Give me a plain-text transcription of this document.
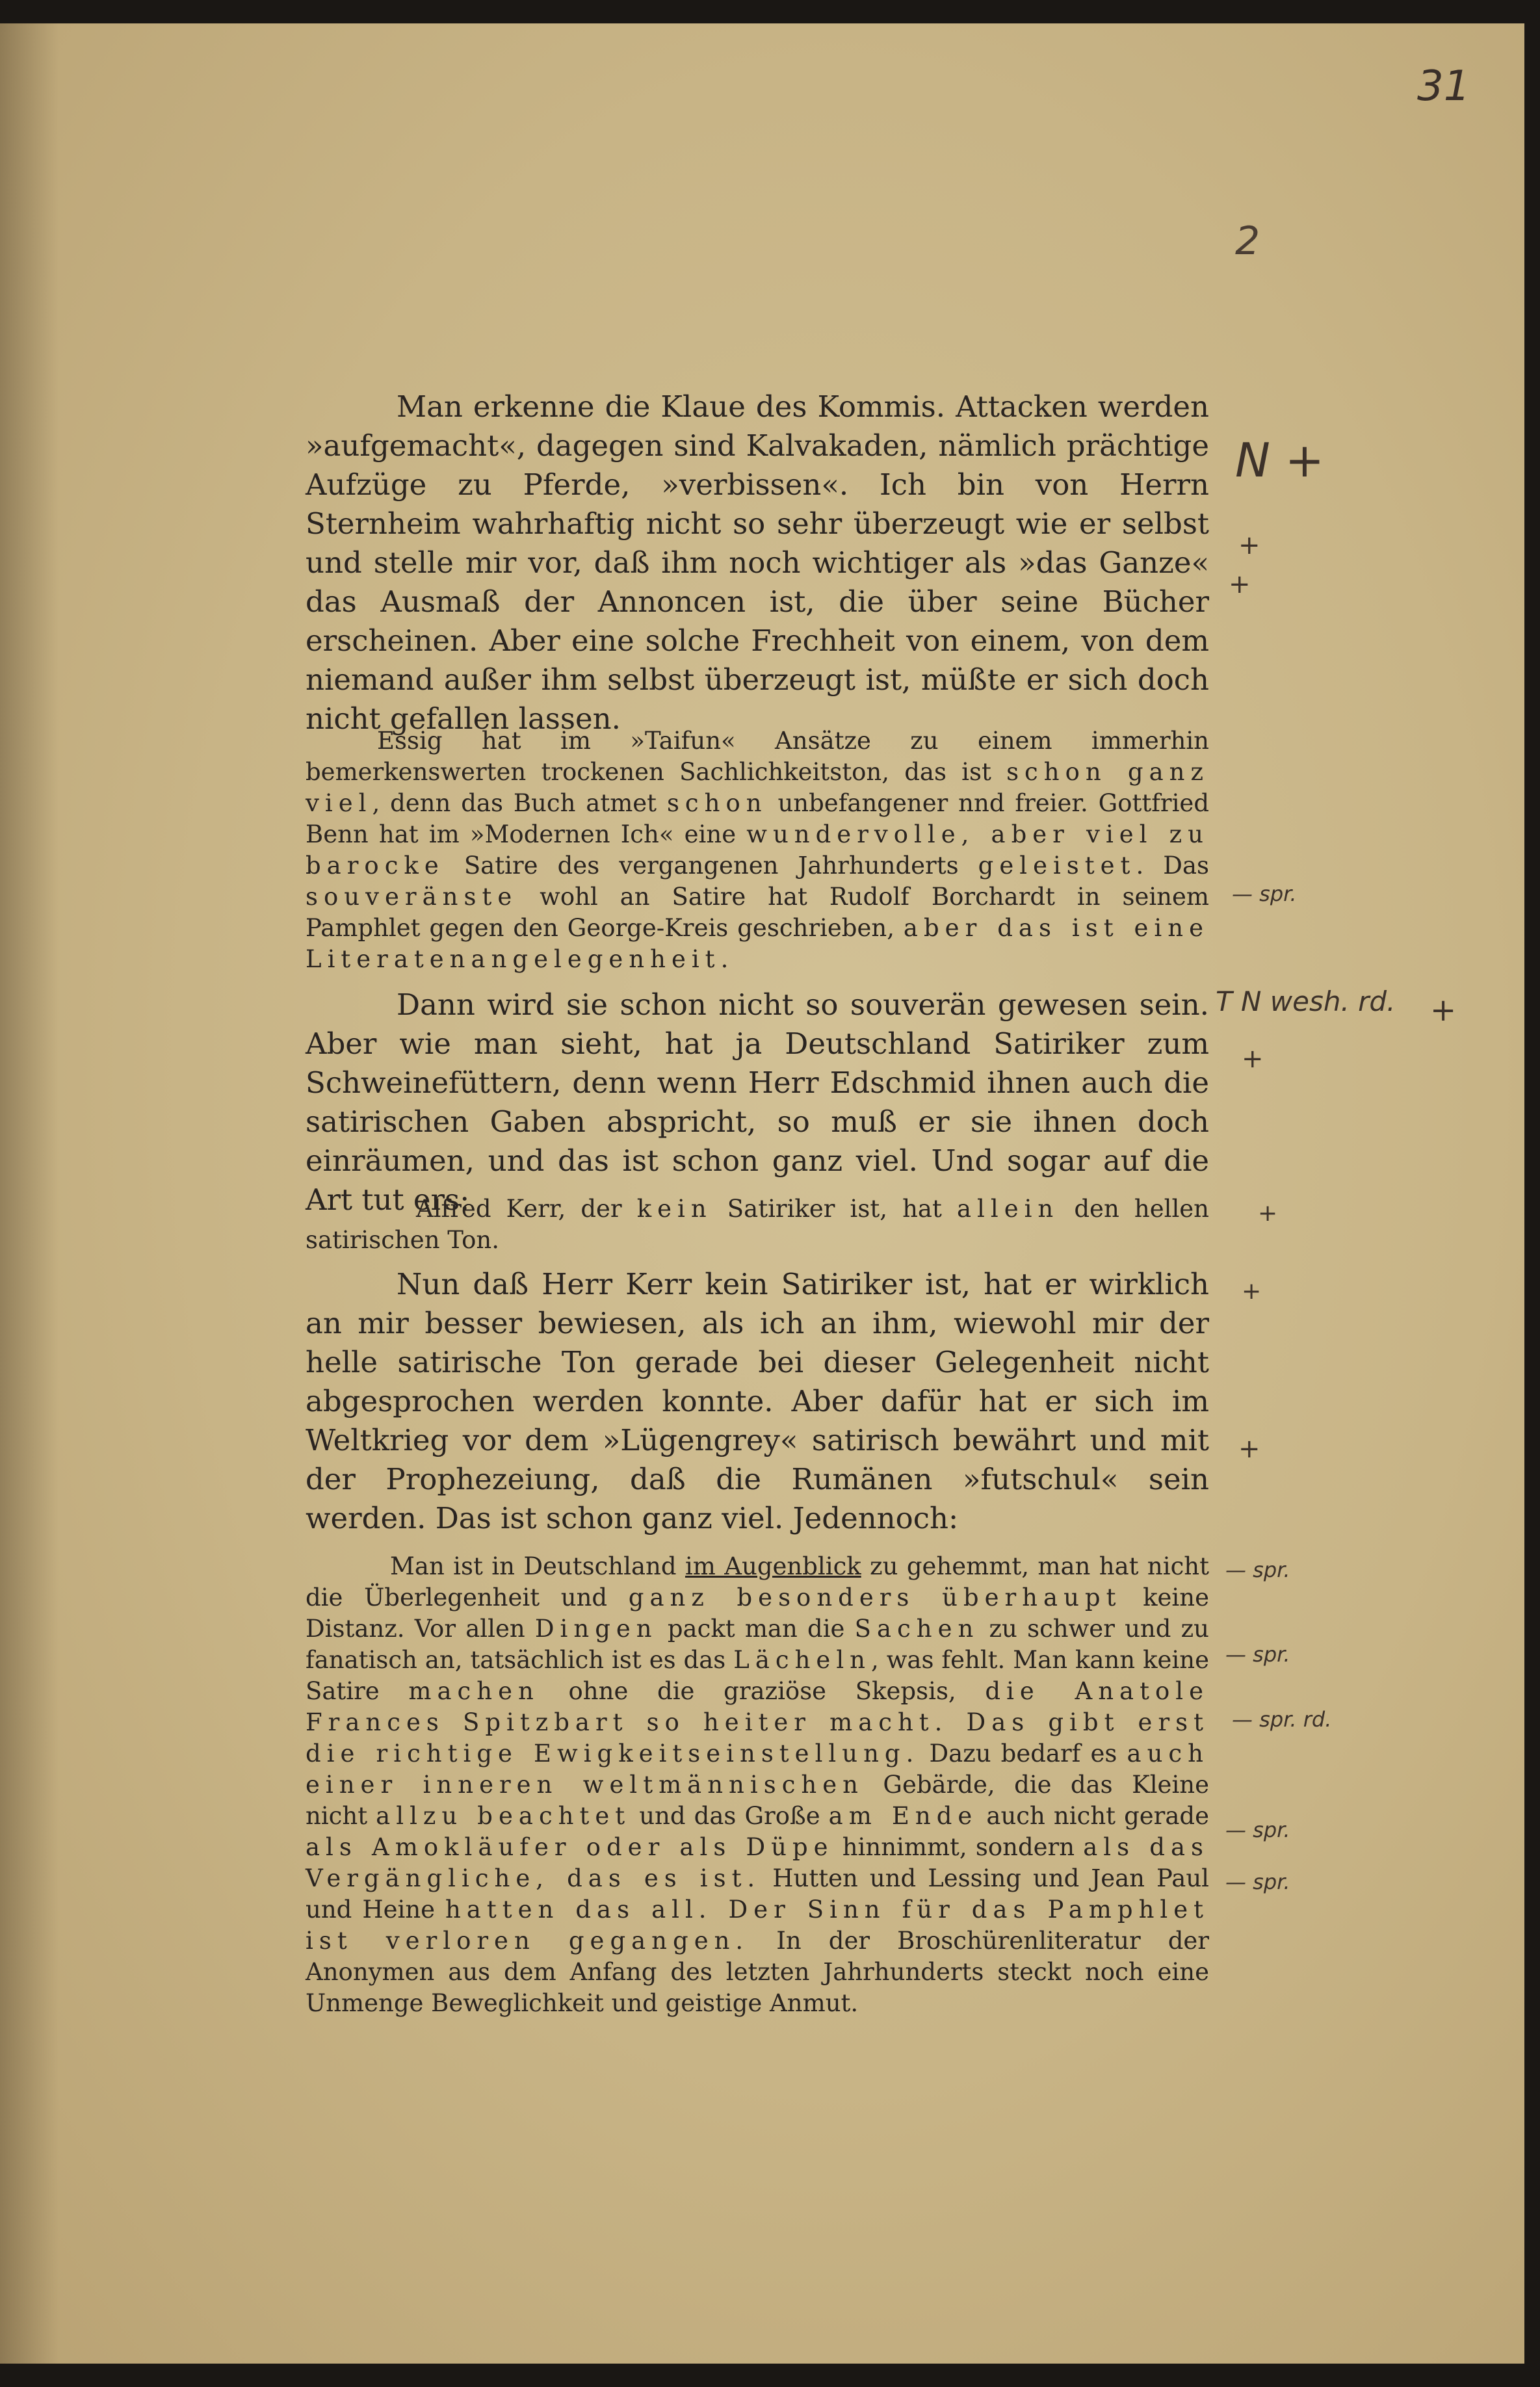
31
2
Man erkenne die Klaue des Kommis. Attacken werden »aufgemacht«, dagegen sind Kalvakaden, nämlich prächtige Aufzüge zu Pferde, »verbissen«. Ich bin von Herrn Sternheim wahrhaftig nicht so sehr überzeugt wie er selbst und stelle mir vor, daß ihm noch wichtiger als »das Ganze« das Ausmaß der Annoncen ist, die über seine Bücher erscheinen. Aber eine solche Frechheit von einem, von dem niemand außer ihm selbst überzeugt ist, müßte er sich doch nicht gefallen lassen.
Essig hat im »Taifun« Ansätze zu einem immerhin bemerkenswerten trockenen Sachlichkeitston, das ist schon ganz viel, denn das Buch atmet schon unbefangener nnd freier. Gottfried Benn hat im »Modernen Ich« eine wundervolle, aber viel zu barocke Satire des vergangenen Jahrhunderts geleistet. Das souveränste wohl an Satire hat Rudolf Borchardt in seinem Pamphlet gegen den George-Kreis geschrieben, aber das ist eine Literatenangelegenheit.
Dann wird sie schon nicht so souverän gewesen sein. Aber wie man sieht, hat ja Deutschland Satiriker zum Schweinefüttern, denn wenn Herr Edschmid ihnen auch die satirischen Gaben abspricht, so muß er sie ihnen doch einräumen, und das ist schon ganz viel. Und sogar auf die Art tut ers:
Alfred Kerr, der kein Satiriker ist, hat allein den hellen satirischen Ton.
Nun daß Herr Kerr kein Satiriker ist, hat er wirklich an mir besser bewiesen, als ich an ihm, wiewohl mir der helle satirische Ton gerade bei dieser Gelegenheit nicht abgesprochen werden konnte. Aber dafür hat er sich im Weltkrieg vor dem »Lügengrey« satirisch bewährt und mit der Prophezeiung, daß die Rumänen »futschul« sein werden. Das ist schon ganz viel. Jedennoch:
Man ist in Deutschland im Augenblick zu gehemmt, man hat nicht die Überlegenheit und ganz besonders überhaupt keine Distanz. Vor allen Dingen packt man die Sachen zu schwer und zu fanatisch an, tatsächlich ist es das Lächeln, was fehlt. Man kann keine Satire machen ohne die graziöse Skepsis, die Anatole Frances Spitzbart so heiter macht. Das gibt erst die richtige Ewigkeitseinstellung. Dazu bedarf es auch einer inneren weltmännischen Gebärde, die das Kleine nicht allzu beachtet und das Große am Ende auch nicht gerade als Amokläufer oder als Düpe hinnimmt, sondern als das Vergängliche, das es ist. Hutten und Lessing und Jean Paul und Heine hatten das all. Der Sinn für das Pamphlet ist verloren gegangen. In der Broschürenliteratur der Anonymen aus dem Anfang des letzten Jahrhunderts steckt noch eine Unmenge Beweglichkeit und geistige Anmut.
N +
+
+
— spr.
T N wesh. rd. +
+
+
+
+
— spr.
— spr.
— spr. rd.
— spr.
— spr.
